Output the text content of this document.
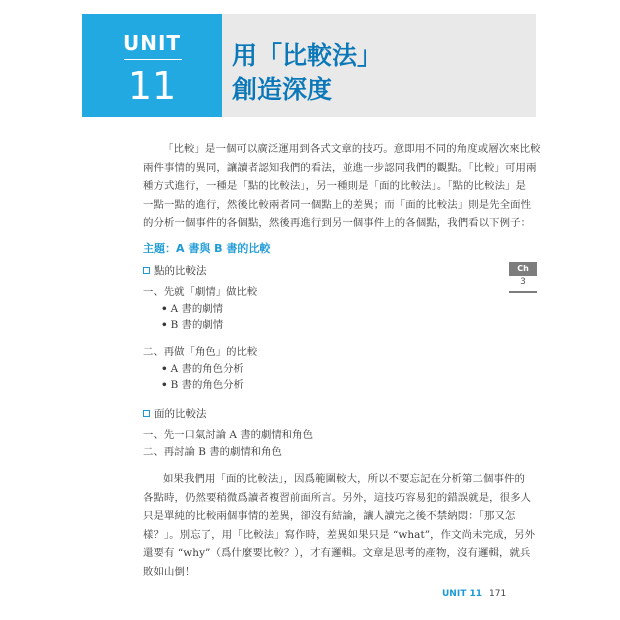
UNIT
11
用「比較法」
創造深度

「比較」是一個可以廣泛運用到各式文章的技巧。意即用不同的角度或層次來比較
兩件事情的異同，讓讀者認知我們的看法，並進一步認同我們的觀點。「比較」可用兩
種方式進行，一種是「點的比較法」，另一種則是「面的比較法」。「點的比較法」是
一點一點的進行，然後比較兩者同一個點上的差異；而「面的比較法」則是先全面性
的分析一個事件的各個點，然後再進行到另一個事件上的各個點，我們看以下例子：

主題：A 書與 B 書的比較
點的比較法
一、先就「劇情」做比較
• A 書的劇情
• B 書的劇情
二、再做「角色」的比較
• A 書的角色分析
• B 書的角色分析
面的比較法
一、先一口氣討論 A 書的劇情和角色
二、再討論 B 書的劇情和角色

如果我們用「面的比較法」，因爲範圍較大，所以不要忘記在分析第二個事件的
各點時，仍然要稍微爲讀者複習前面所言。另外，這技巧容易犯的錯誤就是，很多人
只是單純的比較兩個事情的差異，卻沒有結論，讓人讀完之後不禁納悶：「那又怎
樣？」。別忘了，用「比較法」寫作時，差異如果只是 “what”，作文尚未完成，另外
還要有 “why”（爲什麼要比較？），才有邏輯。文章是思考的產物，沒有邏輯，就兵
敗如山倒！

Ch
3
UNIT 11 171
